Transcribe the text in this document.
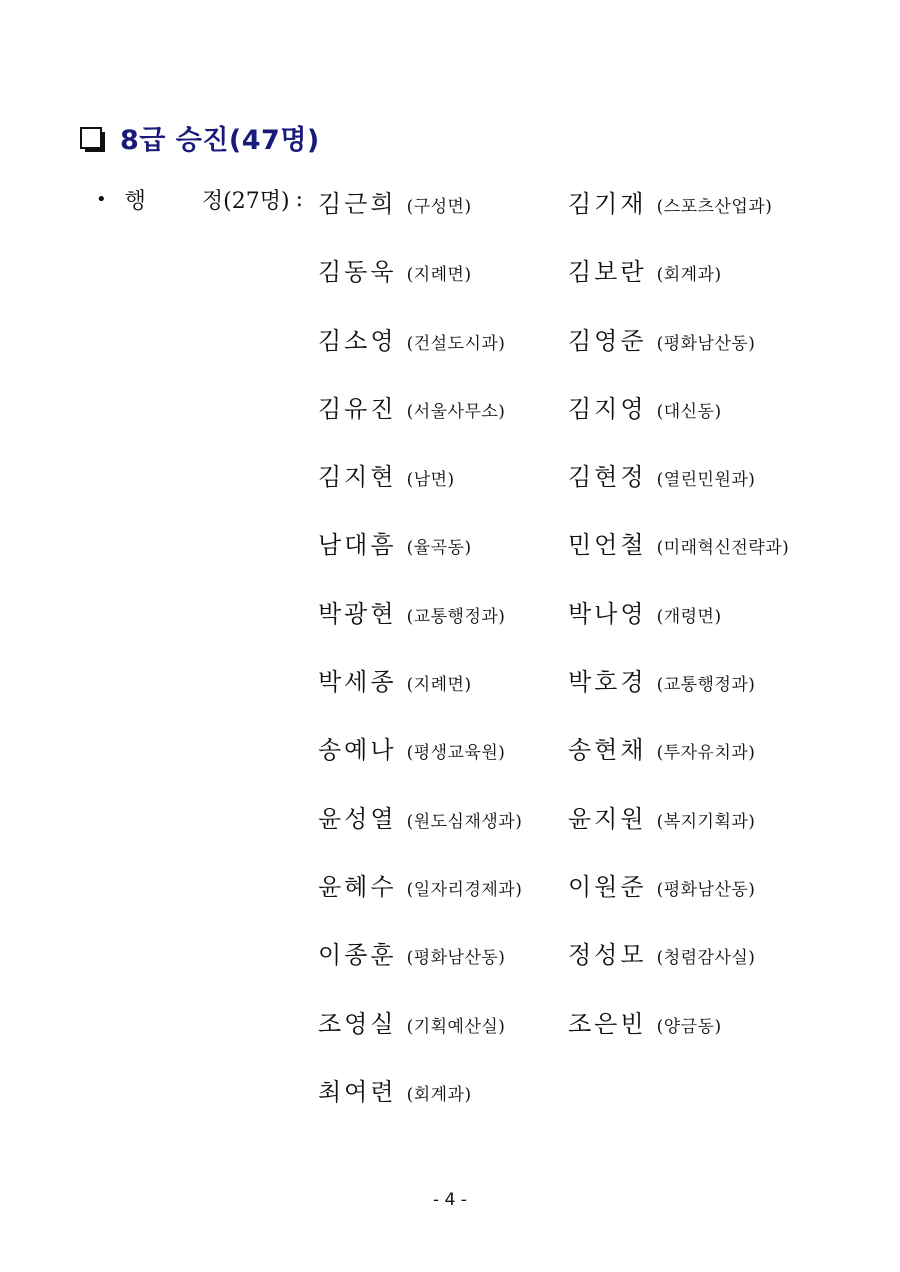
8급 승진(47명)
• 행	정(27명) : 김근희 (구성면)	김기재 (스포츠산업과)
김동욱 (지례면)	김보란 (회계과)
김소영 (건설도시과)	김영준 (평화남산동)
김유진 (서울사무소)	김지영 (대신동)
김지현 (남면)	김현정 (열린민원과)
남대흠 (율곡동)	민언철 (미래혁신전략과)
박광현 (교통행정과)	박나영 (개령면)
박세종 (지례면)	박호경 (교통행정과)
송예나 (평생교육원)	송현채 (투자유치과)
윤성열 (원도심재생과) 윤지원 (복지기획과)
윤혜수 (일자리경제과) 이원준 (평화남산동)
이종훈 (평화남산동)	정성모 (청렴감사실)
조영실 (기획예산실)	조은빈 (양금동)
최여련 (회계과)
- 4 -
